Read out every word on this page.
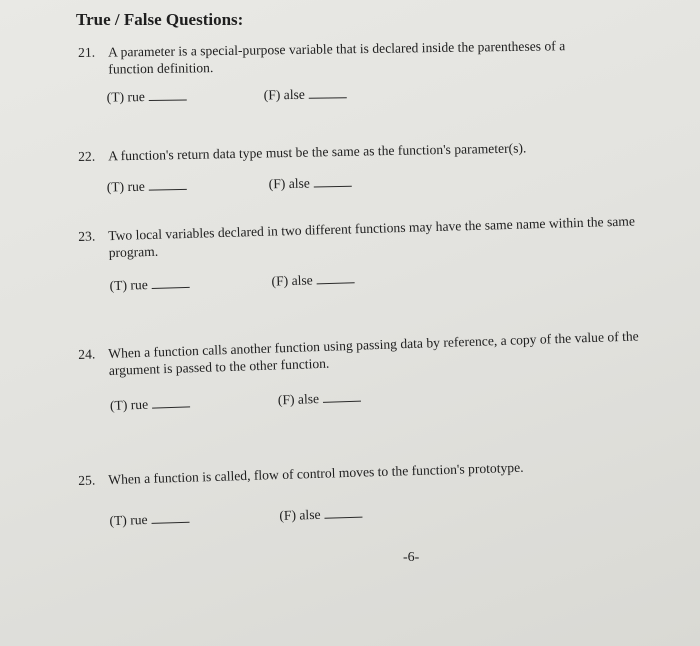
True / False Questions:
21. A parameter is a special-purpose variable that is declared inside the parentheses of a function definition.
(T) rue	(F) alse
22. A function's return data type must be the same as the function's parameter(s).
(T) rue	(F) alse
23. Two local variables declared in two different functions may have the same name within the same program.
(T) rue	(F) alse
24. When a function calls another function using passing data by reference, a copy of the value of the argument is passed to the other function.
(T) rue	(F) alse
25. When a function is called, flow of control moves to the function's prototype.
(T) rue	(F) alse
-6-
